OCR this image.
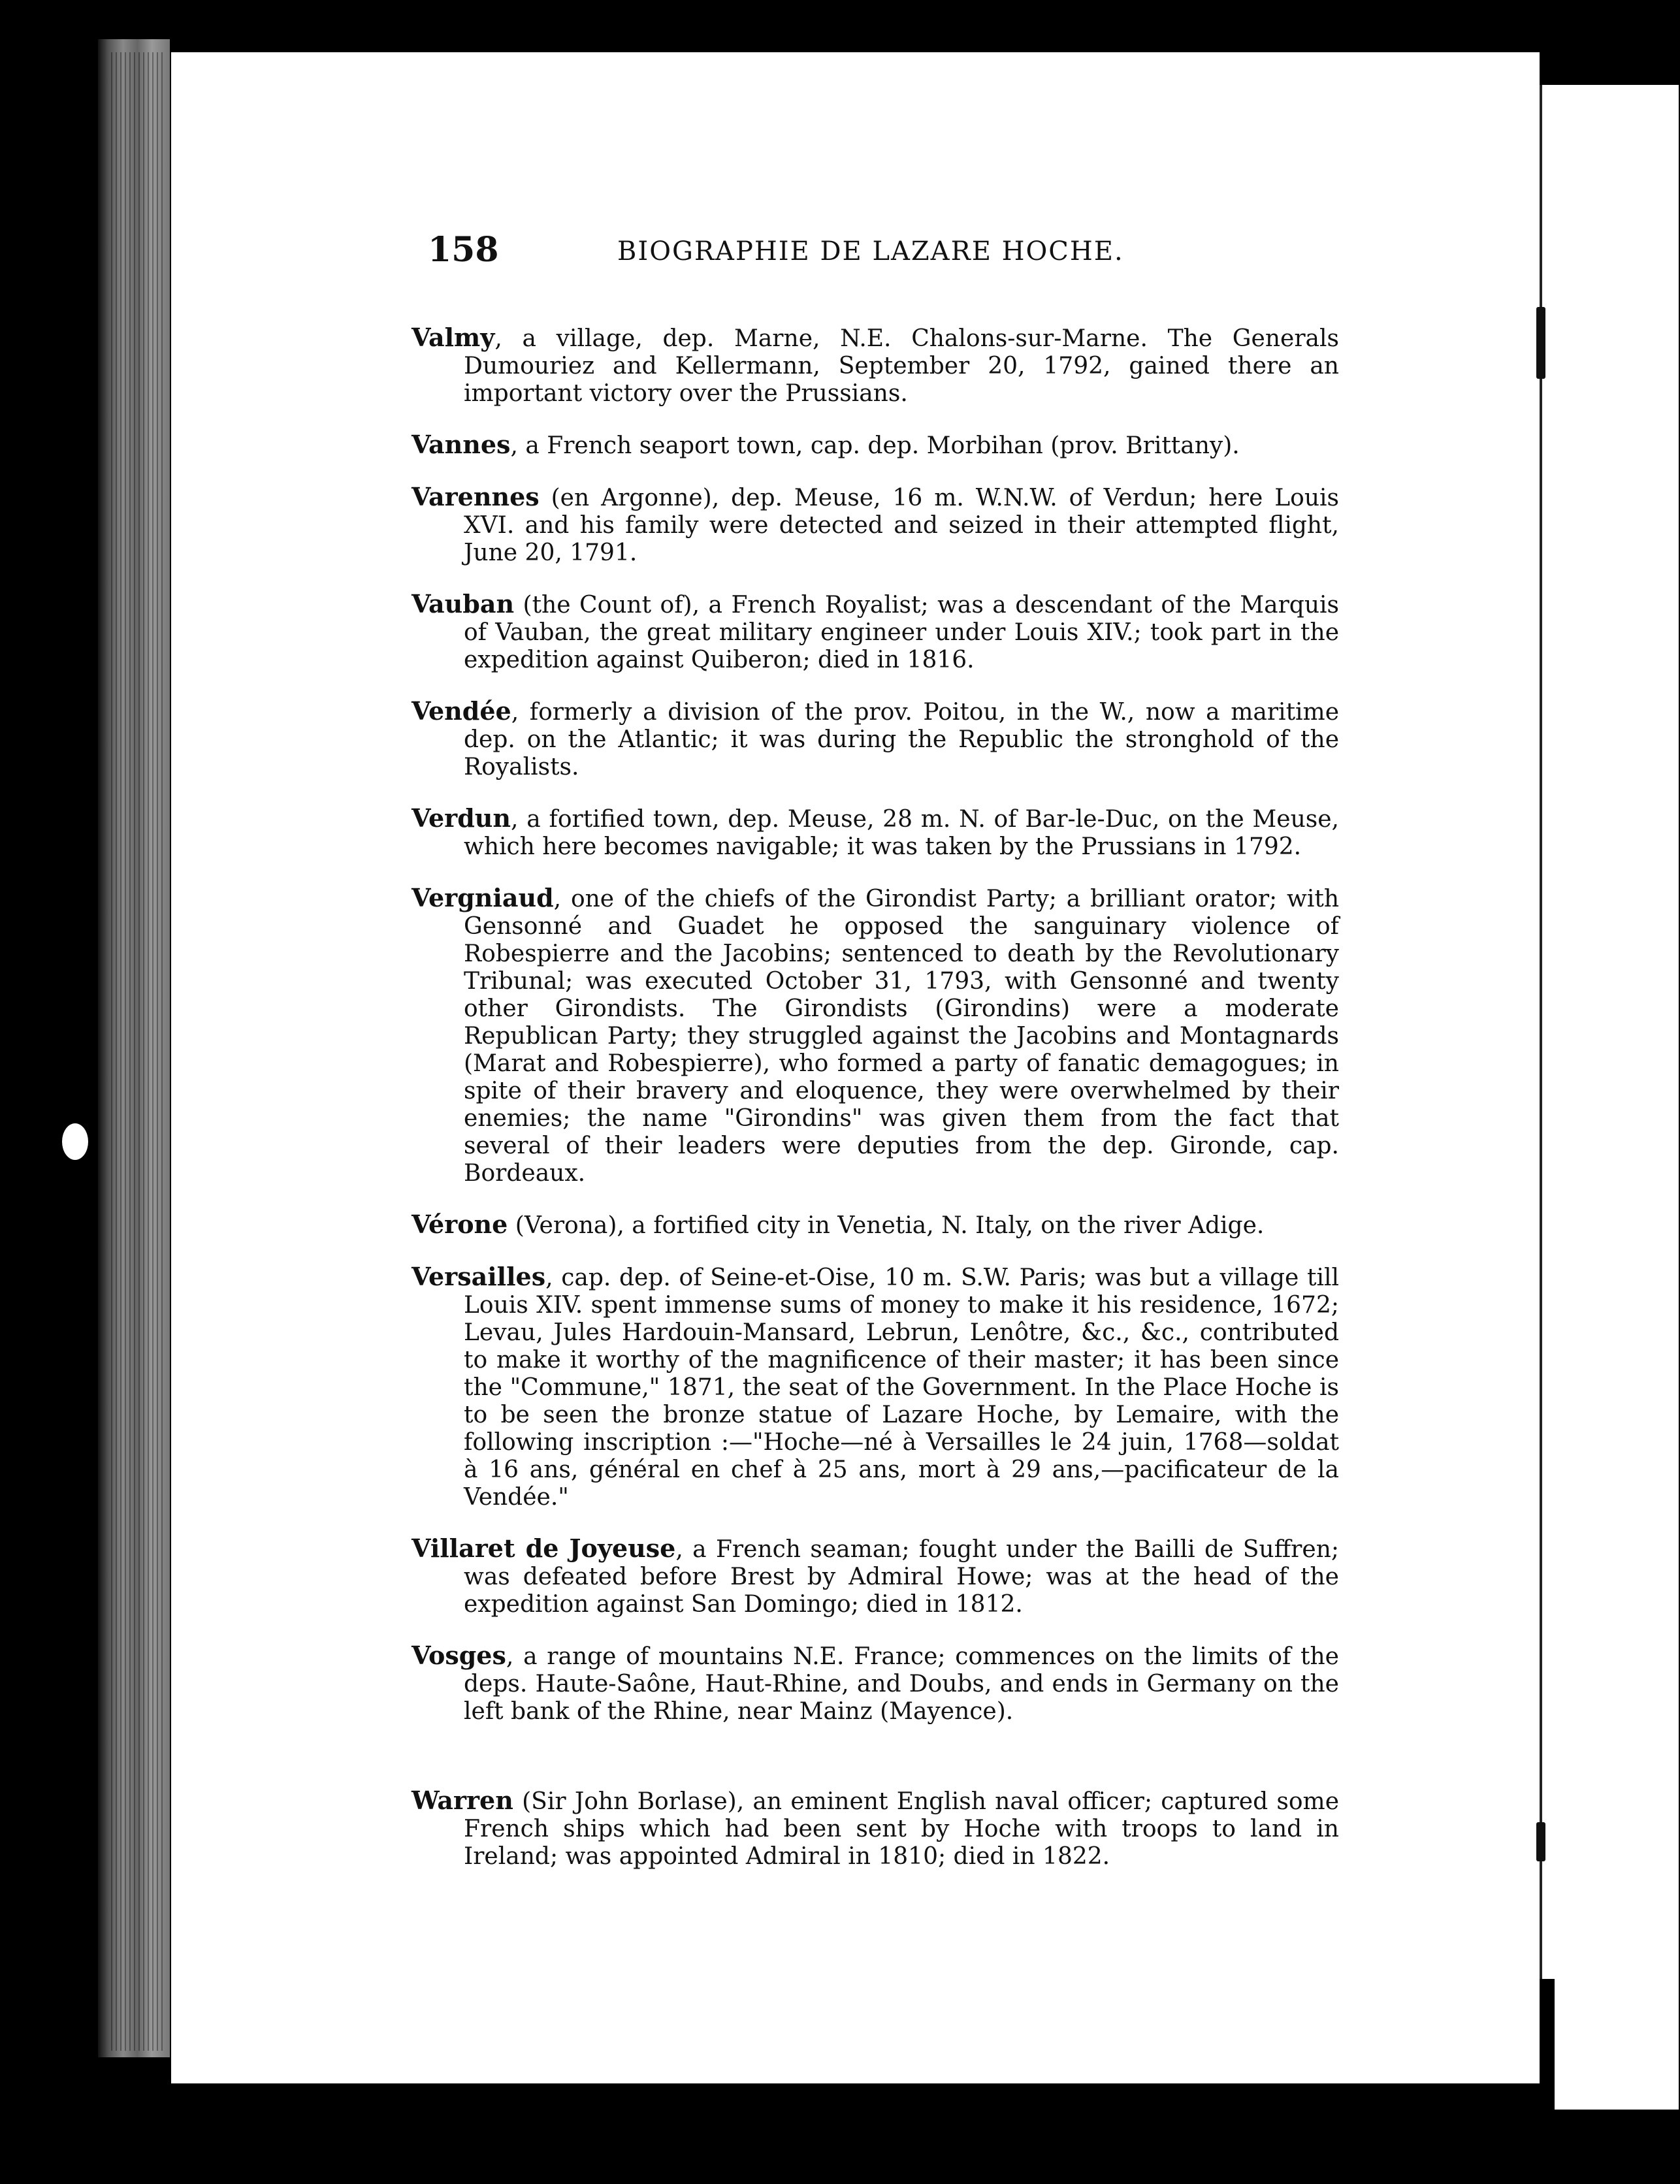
158	BIOGRAPHIE DE LAZARE HOCHE.

Valmy, a village, dep. Marne, N.E. Chalons-sur-Marne. The Generals Dumouriez and Kellermann, September 20, 1792, gained there an important victory over the Prussians.

Vannes, a French seaport town, cap. dep. Morbihan (prov. Brittany).

Varennes (en Argonne), dep. Meuse, 16 m. W.N.W. of Verdun; here Louis XVI. and his family were detected and seized in their attempted flight, June 20, 1791.

Vauban (the Count of), a French Royalist; was a descendant of the Marquis of Vauban, the great military engineer under Louis XIV.; took part in the expedition against Quiberon; died in 1816.

Vendée, formerly a division of the prov. Poitou, in the W., now a maritime dep. on the Atlantic; it was during the Republic the stronghold of the Royalists.

Verdun, a fortified town, dep. Meuse, 28 m. N. of Bar-le-Duc, on the Meuse, which here becomes navigable; it was taken by the Prussians in 1792.

Vergniaud, one of the chiefs of the Girondist Party; a brilliant orator; with Gensonné and Guadet he opposed the sanguinary violence of Robespierre and the Jacobins; sentenced to death by the Revolutionary Tribunal; was executed October 31, 1793, with Gensonné and twenty other Girondists. The Girondists (Girondins) were a moderate Republican Party; they struggled against the Jacobins and Montagnards (Marat and Robespierre), who formed a party of fanatic demagogues; in spite of their bravery and eloquence, they were overwhelmed by their enemies; the name "Girondins" was given them from the fact that several of their leaders were deputies from the dep. Gironde, cap. Bordeaux.

Vérone (Verona), a fortified city in Venetia, N. Italy, on the river Adige.

Versailles, cap. dep. of Seine-et-Oise, 10 m. S.W. Paris; was but a village till Louis XIV. spent immense sums of money to make it his residence, 1672; Levau, Jules Hardouin-Mansard, Lebrun, Lenôtre, &c., &c., contributed to make it worthy of the magnificence of their master; it has been since the "Commune," 1871, the seat of the Government. In the Place Hoche is to be seen the bronze statue of Lazare Hoche, by Lemaire, with the following inscription :—"Hoche—né à Versailles le 24 juin, 1768—soldat à 16 ans, général en chef à 25 ans, mort à 29 ans,—pacificateur de la Vendée."

Villaret de Joyeuse, a French seaman; fought under the Bailli de Suffren; was defeated before Brest by Admiral Howe; was at the head of the expedition against San Domingo; died in 1812.

Vosges, a range of mountains N.E. France; commences on the limits of the deps. Haute-Saône, Haut-Rhine, and Doubs, and ends in Germany on the left bank of the Rhine, near Mainz (Mayence).

Warren (Sir John Borlase), an eminent English naval officer; captured some French ships which had been sent by Hoche with troops to land in Ireland; was appointed Admiral in 1810; died in 1822.
